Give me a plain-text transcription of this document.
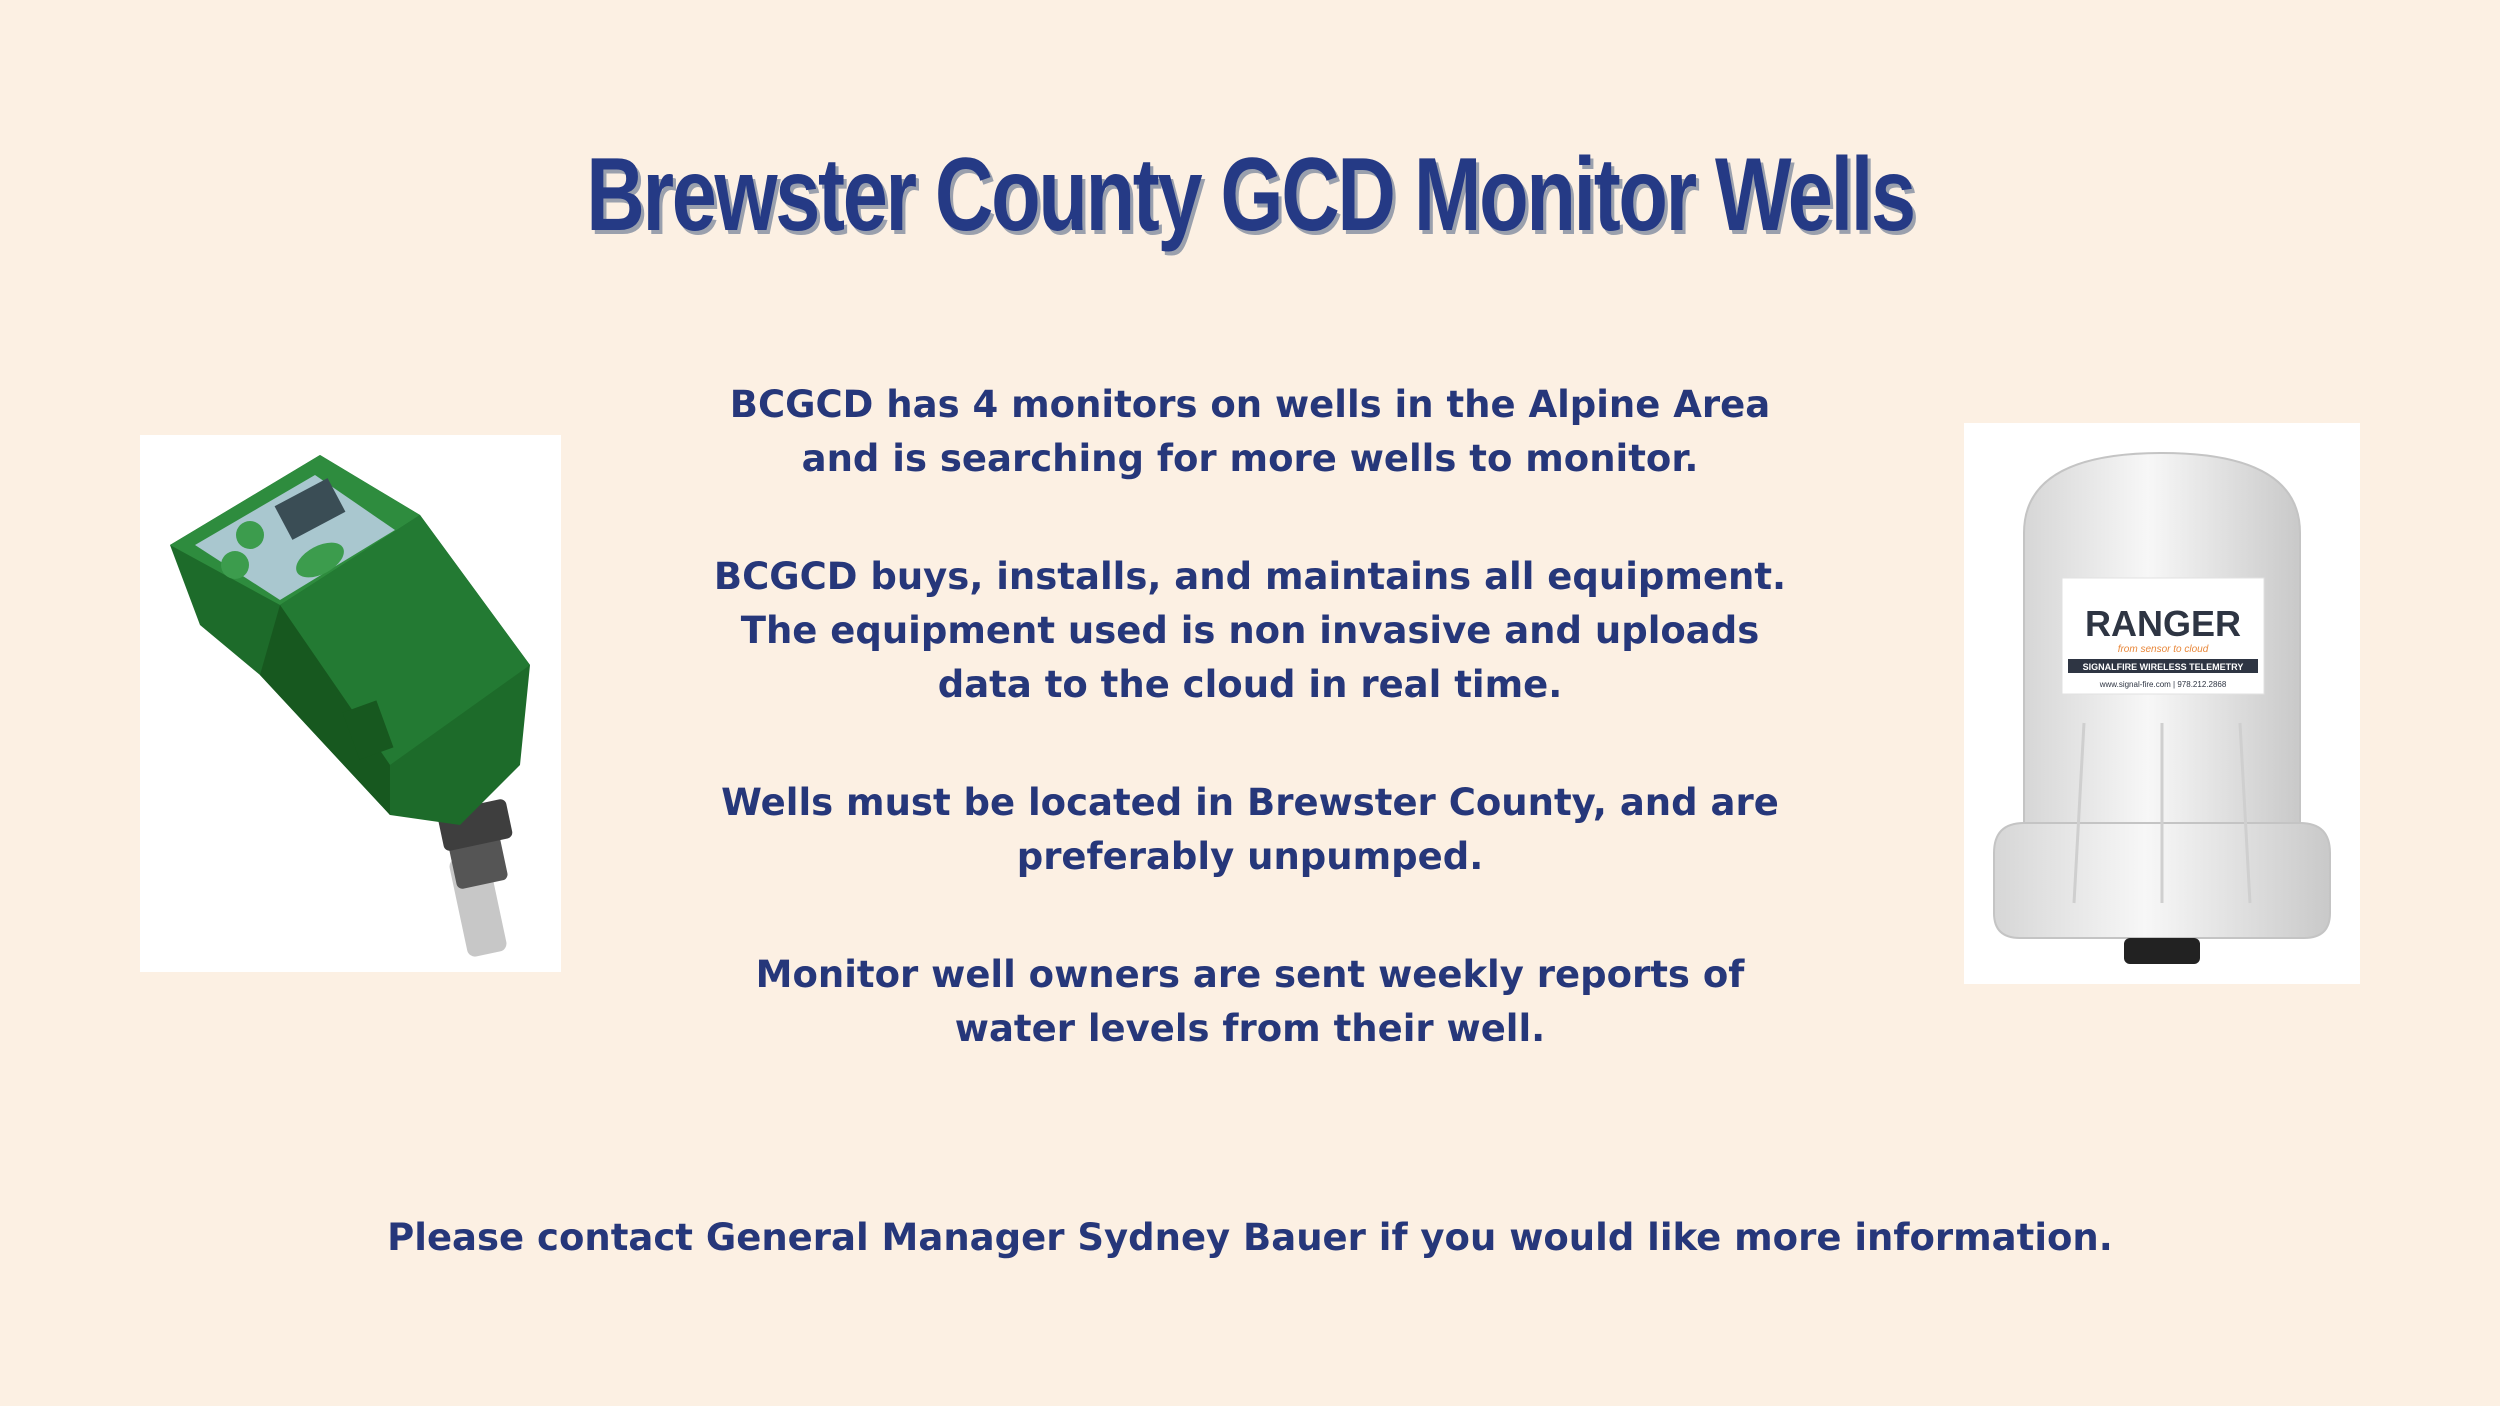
Brewster County GCD Monitor Wells

BCGCD has 4 monitors on wells in the Alpine Area
and is searching for more wells to monitor.

BCGCD buys, installs, and maintains all equipment.
The equipment used is non invasive and uploads
data to the cloud in real time.

Wells must be located in Brewster County, and are
preferably unpumped.

Monitor well owners are sent weekly reports of
water levels from their well.

Please contact General Manager Sydney Bauer if you would like more information.
RANGER
from sensor to cloud
SIGNALFIRE WIRELESS TELEMETRY
www.signal-fire.com | 978.212.2868
